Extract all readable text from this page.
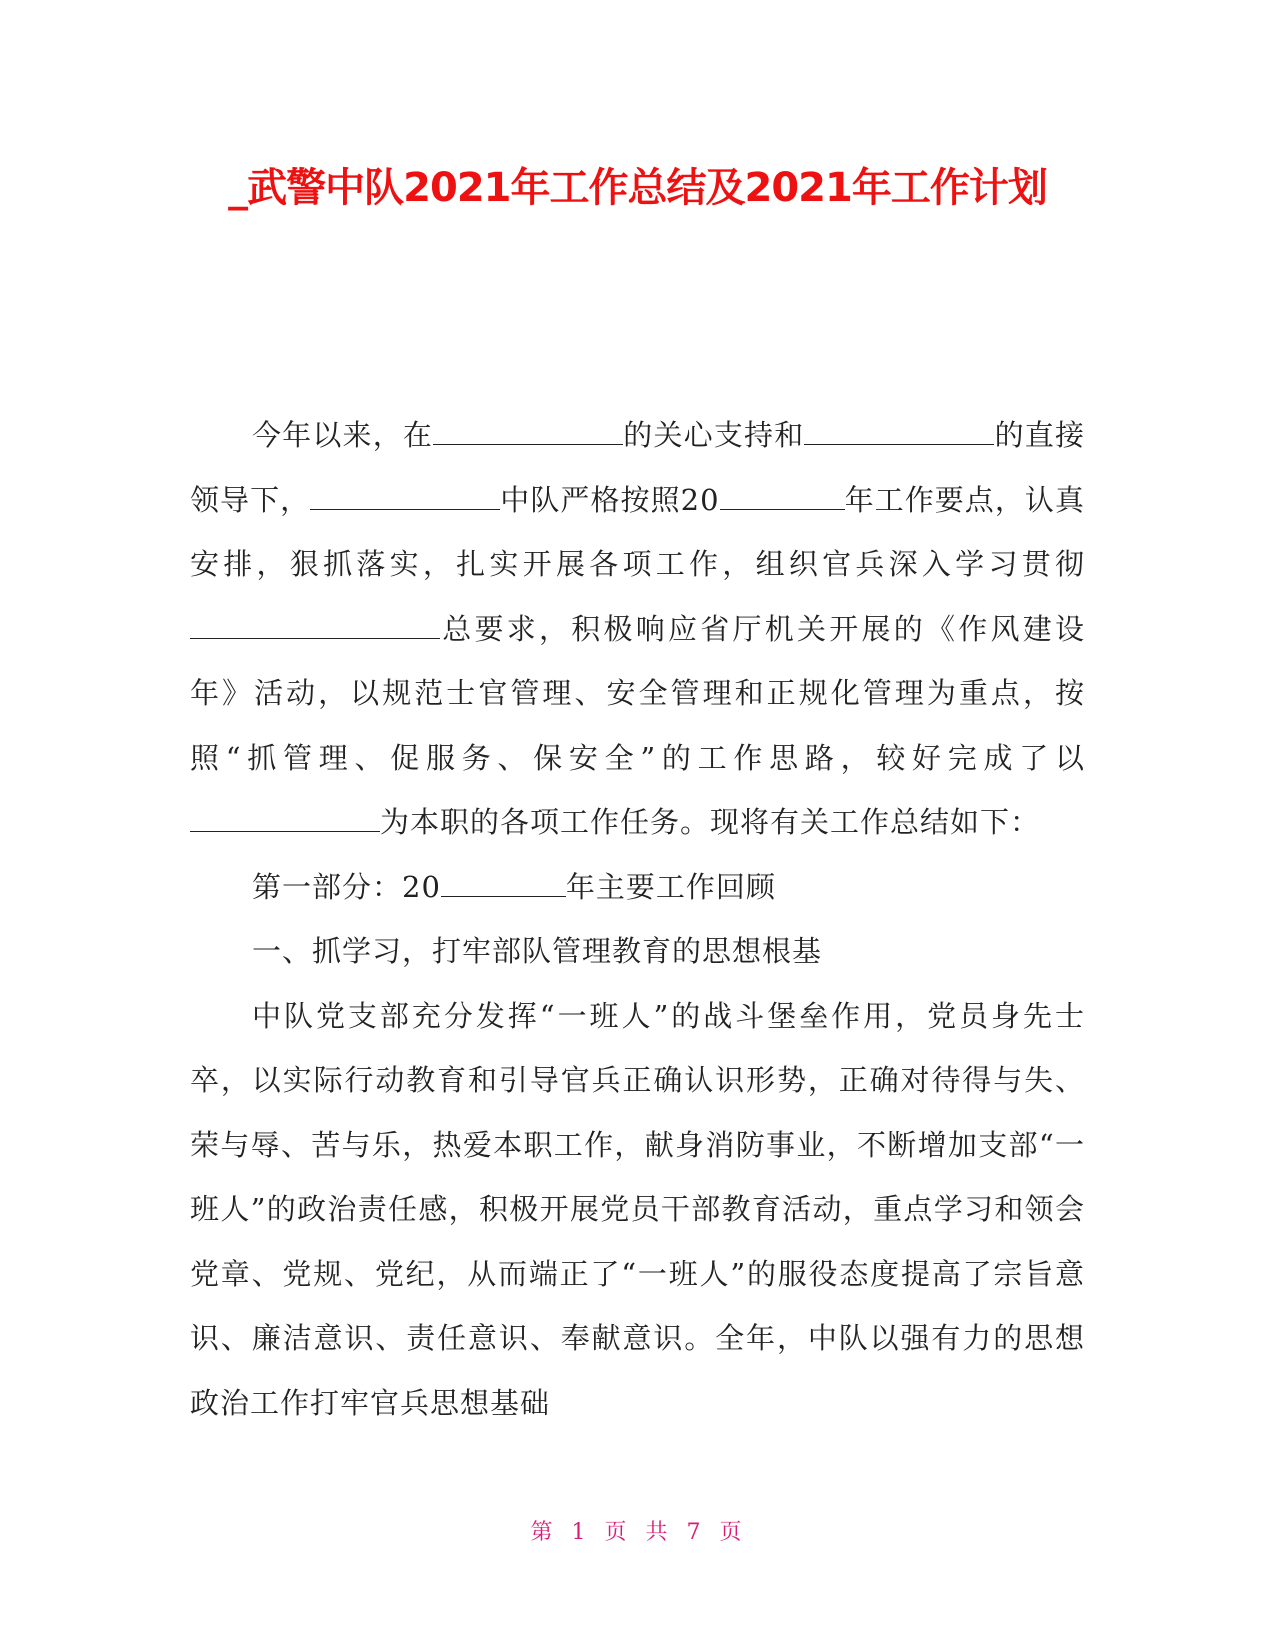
_武警中队2021年工作总结及2021年工作计划

今年以来，在	的关心支持和	的直接领导下，	中队严格按照20	年工作要点，认真安排，狠抓落实，扎实开展各项工作，组织官兵深入学习贯彻总要求，积极响应省厅机关开展的《作风建设年》活动，以规范士官管理、安全管理和正规化管理为重点，按照“抓管理、促服务、保安全”的工作思路，较好完成了以为本职的各项工作任务。现将有关工作总结如下：

第一部分：20	年主要工作回顾

一、抓学习，打牢部队管理教育的思想根基

中队党支部充分发挥“一班人”的战斗堡垒作用，党员身先士卒，以实际行动教育和引导官兵正确认识形势，正确对待得与失、荣与辱、苦与乐，热爱本职工作，献身消防事业，不断增加支部“一班人”的政治责任感，积极开展党员干部教育活动，重点学习和领会党章、党规、党纪，从而端正了“一班人”的服役态度提高了宗旨意识、廉洁意识、责任意识、奉献意识。全年，中队以强有力的思想政治工作打牢官兵思想基础

第 1 页 共 7 页
